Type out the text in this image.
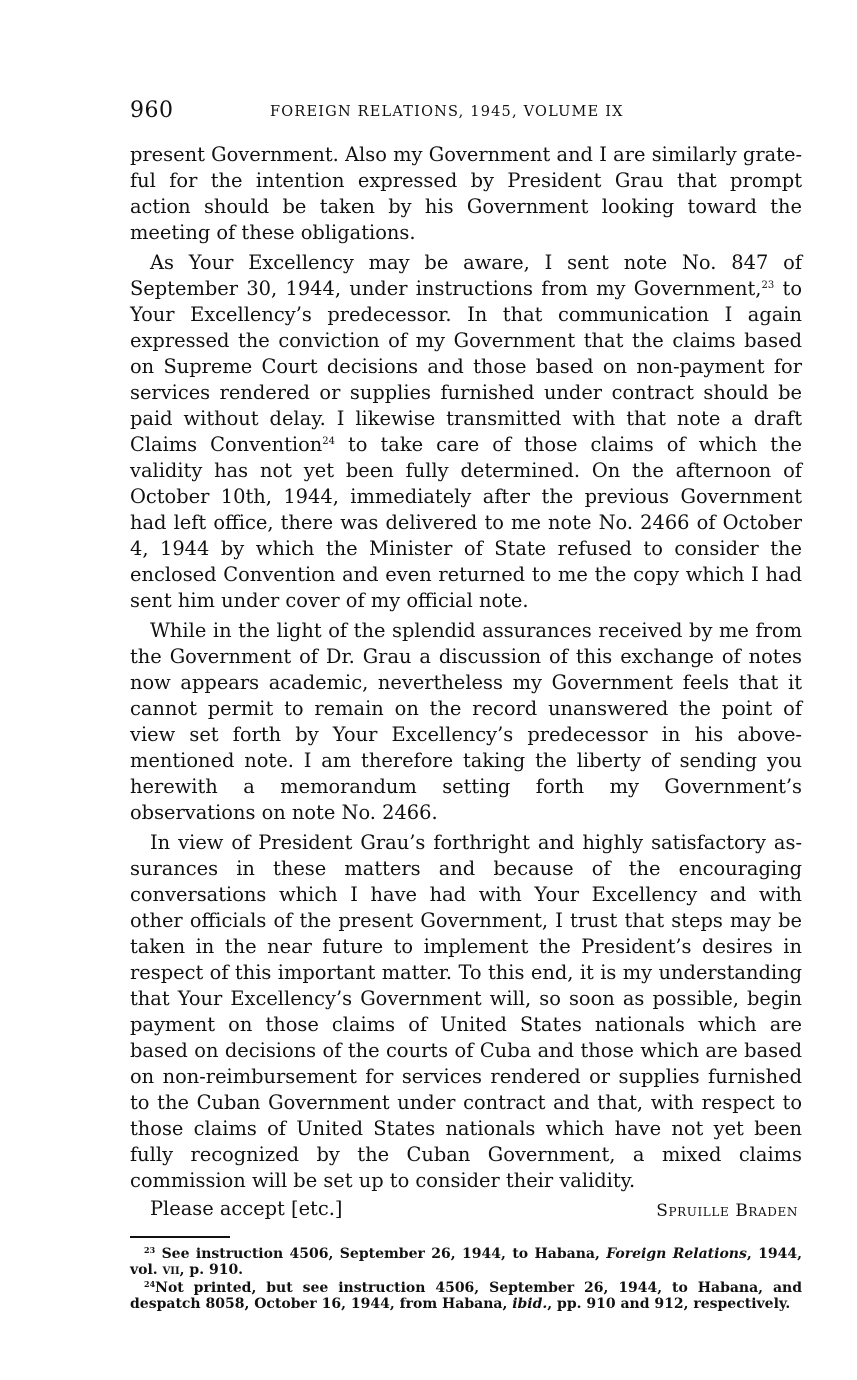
960	FOREIGN RELATIONS, 1945, VOLUME IX

present Government. Also my Government and I are similarly grateful for the intention expressed by President Grau that prompt action should be taken by his Government looking toward the meeting of these obligations.

As Your Excellency may be aware, I sent note No. 847 of September 30, 1944, under instructions from my Government,$^{23}$ to Your Excellency’s predecessor. In that communication I again expressed the conviction of my Government that the claims based on Supreme Court decisions and those based on non-payment for services rendered or supplies furnished under contract should be paid without delay. I likewise transmitted with that note a draft Claims Convention$^{24}$ to take care of those claims of which the validity has not yet been fully determined. On the afternoon of October 10th, 1944, immediately after the previous Government had left office, there was delivered to me note No. 2466 of October 4, 1944 by which the Minister of State refused to consider the enclosed Convention and even returned to me the copy which I had sent him under cover of my official note.

While in the light of the splendid assurances received by me from the Government of Dr. Grau a discussion of this exchange of notes now appears academic, nevertheless my Government feels that it cannot permit to remain on the record unanswered the point of view set forth by Your Excellency’s predecessor in his above-mentioned note. I am therefore taking the liberty of sending you herewith a memorandum setting forth my Government’s observations on note No. 2466.

In view of President Grau’s forthright and highly satisfactory assurances in these matters and because of the encouraging conversations which I have had with Your Excellency and with other officials of the present Government, I trust that steps may be taken in the near future to implement the President’s desires in respect of this important matter. To this end, it is my understanding that Your Excellency’s Government will, so soon as possible, begin payment on those claims of United States nationals which are based on decisions of the courts of Cuba and those which are based on non-reimbursement for services rendered or supplies furnished to the Cuban Government under contract and that, with respect to those claims of United States nationals which have not yet been fully recognized by the Cuban Government, a mixed claims commission will be set up to consider their validity.

Please accept [etc.]	Spruille Braden

$^{23}$ See instruction 4506, September 26, 1944, to Habana, Foreign Relations, 1944, vol. vii, p. 910.

$^{24}$Not printed, but see instruction 4506, September 26, 1944, to Habana, and despatch 8058, October 16, 1944, from Habana, ibid., pp. 910 and 912, respectively.
